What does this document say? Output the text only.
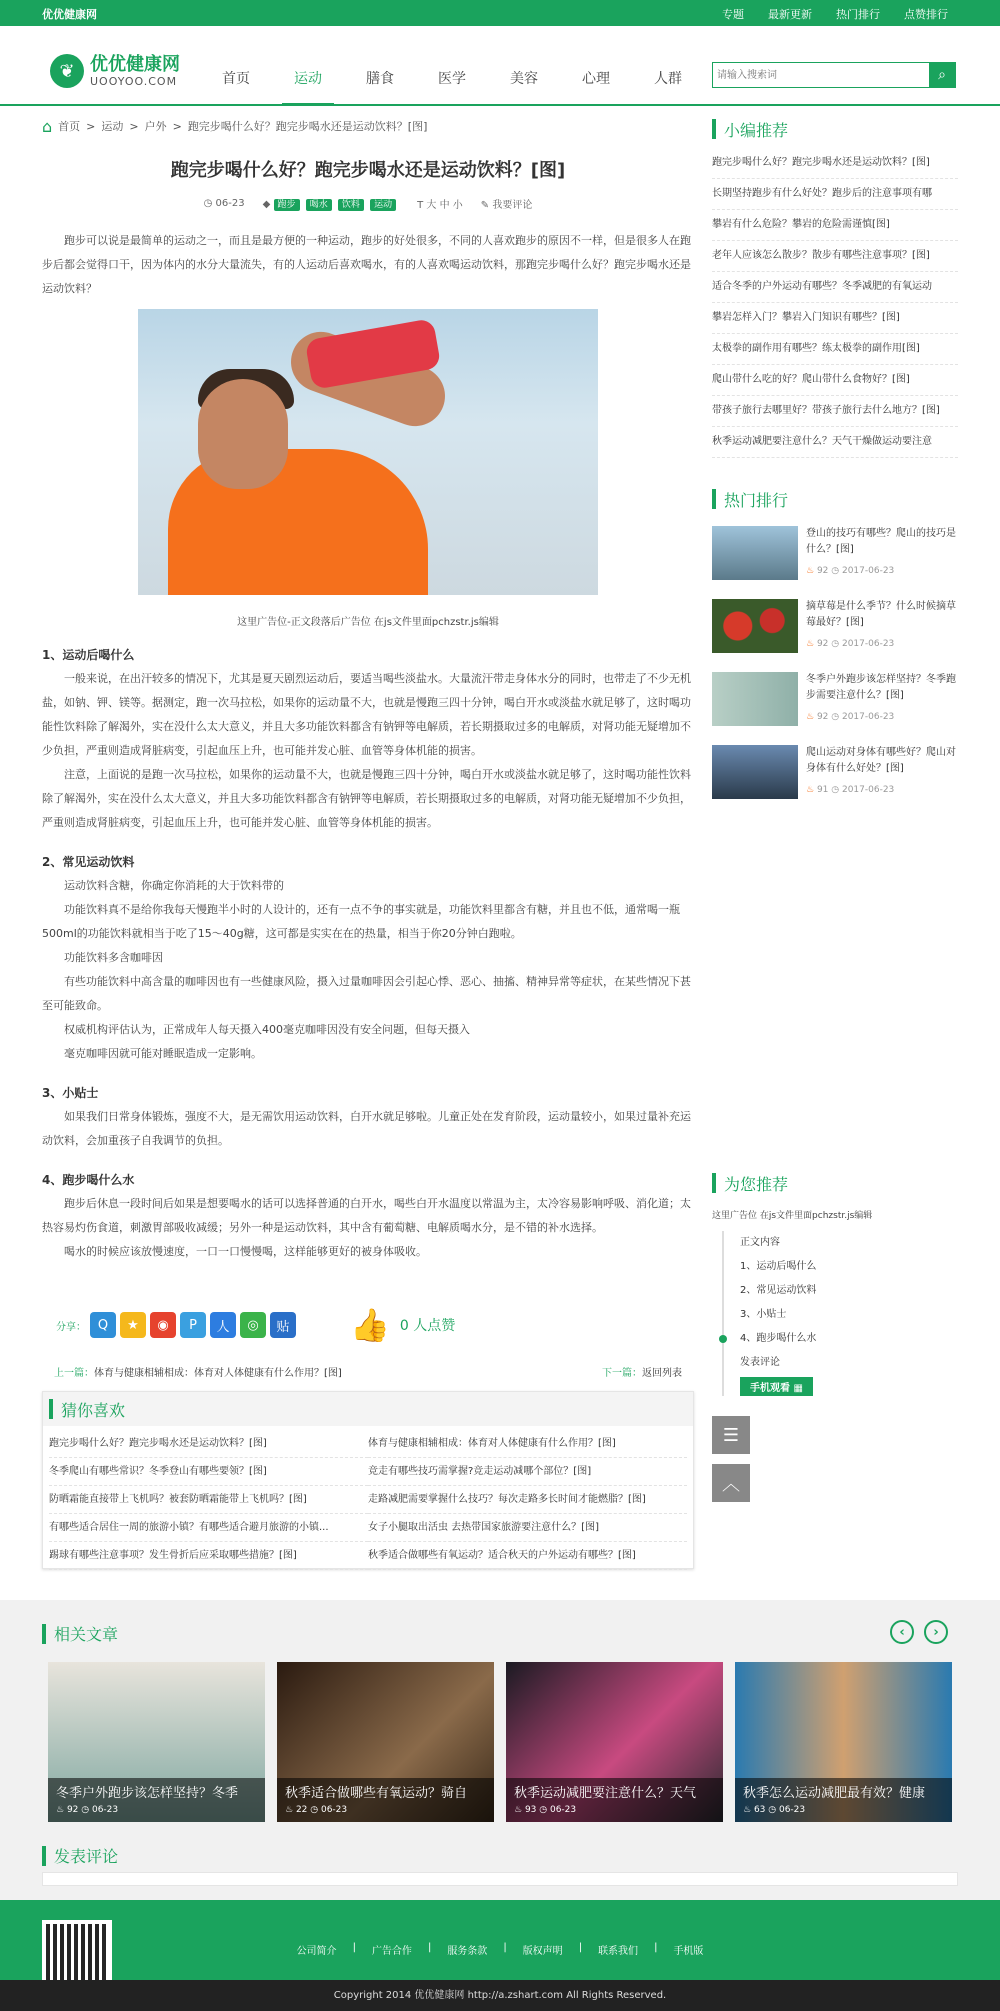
优优健康网	专题 最新更新 热门排行 点赞排行
❦ 优优健康网
UOOYOO.COM	首页	运动	膳食	医学	美容	心理	人群
请输入搜索词	⌕
⌂ 首页 > 运动 > 户外 > 跑完步喝什么好？跑完步喝水还是运动饮料？[图]
跑完步喝什么好？跑完步喝水还是运动饮料？[图]
◷ 06-23 ◆ 跑步 喝水 饮料 运动	T 大 中 小 ✎ 我要评论

跑步可以说是最简单的运动之一，而且是最方便的一种运动，跑步的好处很多，不同的人喜欢跑步的原因不一样，但是很多人在跑步后都会觉得口干，因为体内的水分大量流失，有的人运动后喜欢喝水，有的人喜欢喝运动饮料，那跑完步喝什么好？跑完步喝水还是运动饮料？

这里广告位-正文段落后广告位 在js文件里面pchzstr.js编辑
1、运动后喝什么

一般来说，在出汗较多的情况下，尤其是夏天剧烈运动后，要适当喝些淡盐水。大量流汗带走身体水分的同时，也带走了不少无机盐，如钠、钾、镁等。据测定，跑一次马拉松，如果你的运动量不大，也就是慢跑三四十分钟，喝白开水或淡盐水就足够了，这时喝功能性饮料除了解渴外，实在没什么太大意义，并且大多功能饮料都含有钠钾等电解质，若长期摄取过多的电解质，对肾功能无疑增加不少负担，严重则造成肾脏病变，引起血压上升，也可能并发心脏、血管等身体机能的损害。

注意，上面说的是跑一次马拉松，如果你的运动量不大，也就是慢跑三四十分钟，喝白开水或淡盐水就足够了，这时喝功能性饮料除了解渴外，实在没什么太大意义，并且大多功能饮料都含有钠钾等电解质，若长期摄取过多的电解质，对肾功能无疑增加不少负担，严重则造成肾脏病变，引起血压上升，也可能并发心脏、血管等身体机能的损害。

2、常见运动饮料

运动饮料含糖，你确定你消耗的大于饮料带的

功能饮料真不是给你我每天慢跑半小时的人设计的，还有一点不争的事实就是，功能饮料里都含有糖，并且也不低，通常喝一瓶500ml的功能饮料就相当于吃了15～40g糖，这可都是实实在在的热量，相当于你20分钟白跑啦。

功能饮料多含咖啡因

有些功能饮料中高含量的咖啡因也有一些健康风险，摄入过量咖啡因会引起心悸、恶心、抽搐、精神异常等症状，在某些情况下甚至可能致命。

权威机构评估认为，正常成年人每天摄入400毫克咖啡因没有安全问题，但每天摄入

毫克咖啡因就可能对睡眠造成一定影响。

3、小贴士

如果我们日常身体锻炼，强度不大，是无需饮用运动饮料，白开水就足够啦。儿童正处在发育阶段，运动量较小，如果过量补充运动饮料，会加重孩子自我调节的负担。

4、跑步喝什么水

跑步后休息一段时间后如果是想要喝水的话可以选择普通的白开水，喝些白开水温度以常温为主，太冷容易影响呼吸、消化道；太热容易灼伤食道，刺激胃部吸收减缓；另外一种是运动饮料，其中含有葡萄糖、电解质喝水分，是不错的补水选择。

喝水的时候应该放慢速度，一口一口慢慢喝，这样能够更好的被身体吸收。

分享： Q	★	◉	P	人	◎	贴 👍 0 人点赞
上一篇：体育与健康相辅相成：体育对人体健康有什么作用？[图]	下一篇：返回列表
猜你喜欢
跑完步喝什么好？跑完步喝水还是运动饮料？[图]	体育与健康相辅相成：体育对人体健康有什么作用？[图]
冬季爬山有哪些常识？冬季登山有哪些要领？[图]	竞走有哪些技巧需掌握?竞走运动减哪个部位？[图]
防晒霜能直接带上飞机吗？被套防晒霜能带上飞机吗？[图]	走路减肥需要掌握什么技巧？每次走路多长时间才能燃脂？[图]
有哪些适合居住一周的旅游小镇？有哪些适合避月旅游的小镇...	女子小腿取出活虫 去热带国家旅游要注意什么？[图]
踢球有哪些注意事项？发生骨折后应采取哪些措施？[图]	秋季适合做哪些有氧运动？适合秋天的户外运动有哪些？[图]
小编推荐
跑完步喝什么好？跑完步喝水还是运动饮料？[图]
长期坚持跑步有什么好处？跑步后的注意事项有哪
攀岩有什么危险？攀岩的危险需谨慎[图]
老年人应该怎么散步？散步有哪些注意事项？[图]
适合冬季的户外运动有哪些？冬季减肥的有氧运动
攀岩怎样入门？攀岩入门知识有哪些？[图]
太极拳的副作用有哪些？练太极拳的副作用[图]
爬山带什么吃的好？爬山带什么食物好？[图]
带孩子旅行去哪里好？带孩子旅行去什么地方？[图]
秋季运动减肥要注意什么？天气干燥做运动要注意
热门排行
登山的技巧有哪些？爬山的技巧是什么？[图]
♨ 92 ◷ 2017-06-23
摘草莓是什么季节？什么时候摘草莓最好？[图]
♨ 92 ◷ 2017-06-23
冬季户外跑步该怎样坚持？冬季跑步需要注意什么？[图]
♨ 92 ◷ 2017-06-23
爬山运动对身体有哪些好？爬山对身体有什么好处？[图]
♨ 91 ◷ 2017-06-23
为您推荐
这里广告位 在js文件里面pchzstr.js编辑
正文内容
1、运动后喝什么
2、常见运动饮料
3、小贴士
4、跑步喝什么水
发表评论
手机观看 ▦
☰
︿
相关文章	‹	›
冬季户外跑步该怎样坚持？冬季
♨ 92 ◷ 06-23
秋季适合做哪些有氧运动？骑自
♨ 22 ◷ 06-23
秋季运动减肥要注意什么？天气
♨ 93 ◷ 06-23
秋季怎么运动减肥最有效？健康
♨ 63 ◷ 06-23
发表评论
公司简介 | 广告合作 | 服务条款 | 版权声明 | 联系我们 | 手机版
Copyright 2014 优优健康网 http://a.zshart.com All Rights Reserved.
